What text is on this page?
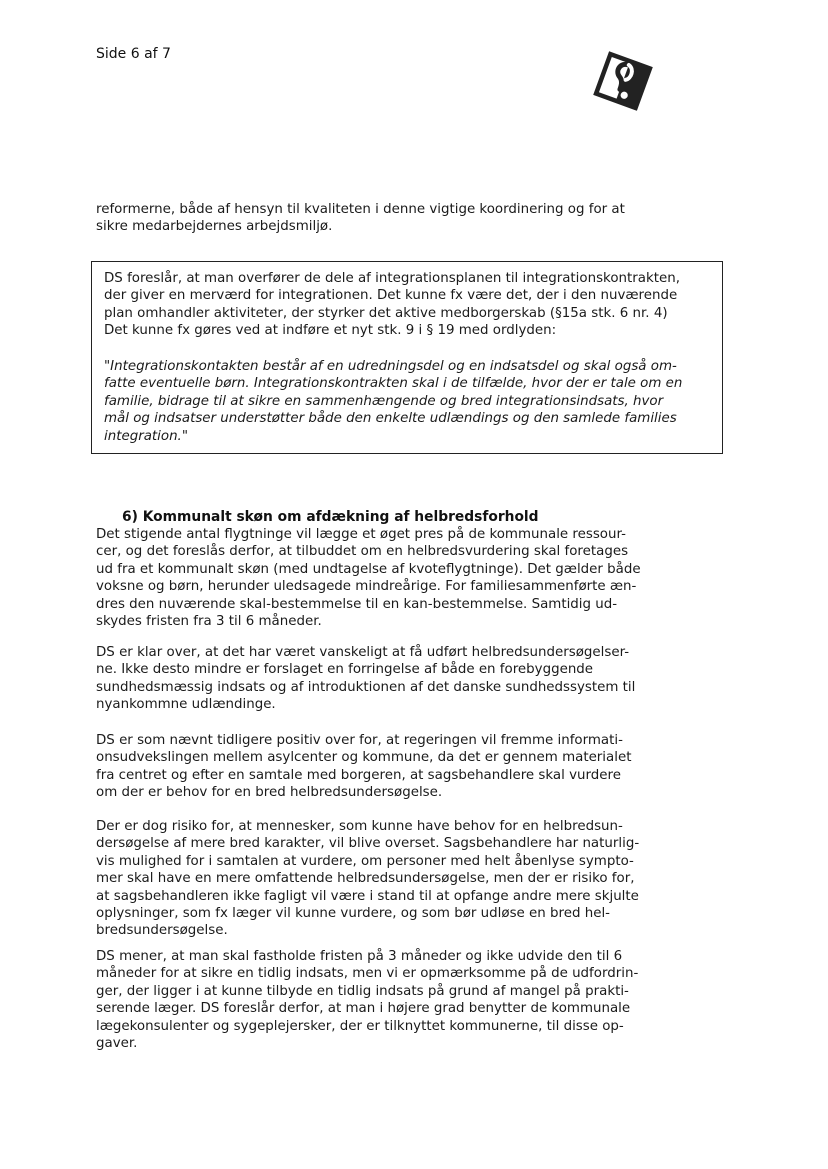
Side 6 af 7
reformerne, både af hensyn til kvaliteten i denne vigtige koordinering og for at
sikre medarbejdernes arbejdsmiljø.
DS foreslår, at man overfører de dele af integrationsplanen til integrationskontrakten,
der giver en merværd for integrationen. Det kunne fx være det, der i den nuværende
plan omhandler aktiviteter, der styrker det aktive medborgerskab (§15a stk. 6 nr. 4)
Det kunne fx gøres ved at indføre et nyt stk. 9 i § 19 med ordlyden:
"Integrationskontakten består af en udredningsdel og en indsatsdel og skal også om-
fatte eventuelle børn. Integrationskontrakten skal i de tilfælde, hvor der er tale om en
familie, bidrage til at sikre en sammenhængende og bred integrationsindsats, hvor
mål og indsatser understøtter både den enkelte udlændings og den samlede families
integration."
6) Kommunalt skøn om afdækning af helbredsforhold
Det stigende antal flygtninge vil lægge et øget pres på de kommunale ressour-
cer, og det foreslås derfor, at tilbuddet om en helbredsvurdering skal foretages
ud fra et kommunalt skøn (med undtagelse af kvoteflygtninge). Det gælder både
voksne og børn, herunder uledsagede mindreårige. For familiesammenførte æn-
dres den nuværende skal-bestemmelse til en kan-bestemmelse. Samtidig ud-
skydes fristen fra 3 til 6 måneder.
DS er klar over, at det har været vanskeligt at få udført helbredsundersøgelser-
ne. Ikke desto mindre er forslaget en forringelse af både en forebyggende
sundhedsmæssig indsats og af introduktionen af det danske sundhedssystem til
nyankommne udlændinge.
DS er som nævnt tidligere positiv over for, at regeringen vil fremme informati-
onsudvekslingen mellem asylcenter og kommune, da det er gennem materialet
fra centret og efter en samtale med borgeren, at sagsbehandlere skal vurdere
om der er behov for en bred helbredsundersøgelse.
Der er dog risiko for, at mennesker, som kunne have behov for en helbredsun-
dersøgelse af mere bred karakter, vil blive overset. Sagsbehandlere har naturlig-
vis mulighed for i samtalen at vurdere, om personer med helt åbenlyse sympto-
mer skal have en mere omfattende helbredsundersøgelse, men der er risiko for,
at sagsbehandleren ikke fagligt vil være i stand til at opfange andre mere skjulte
oplysninger, som fx læger vil kunne vurdere, og som bør udløse en bred hel-
bredsundersøgelse.
DS mener, at man skal fastholde fristen på 3 måneder og ikke udvide den til 6
måneder for at sikre en tidlig indsats, men vi er opmærksomme på de udfordrin-
ger, der ligger i at kunne tilbyde en tidlig indsats på grund af mangel på prakti-
serende læger. DS foreslår derfor, at man i højere grad benytter de kommunale
lægekonsulenter og sygeplejersker, der er tilknyttet kommunerne, til disse op-
gaver.
